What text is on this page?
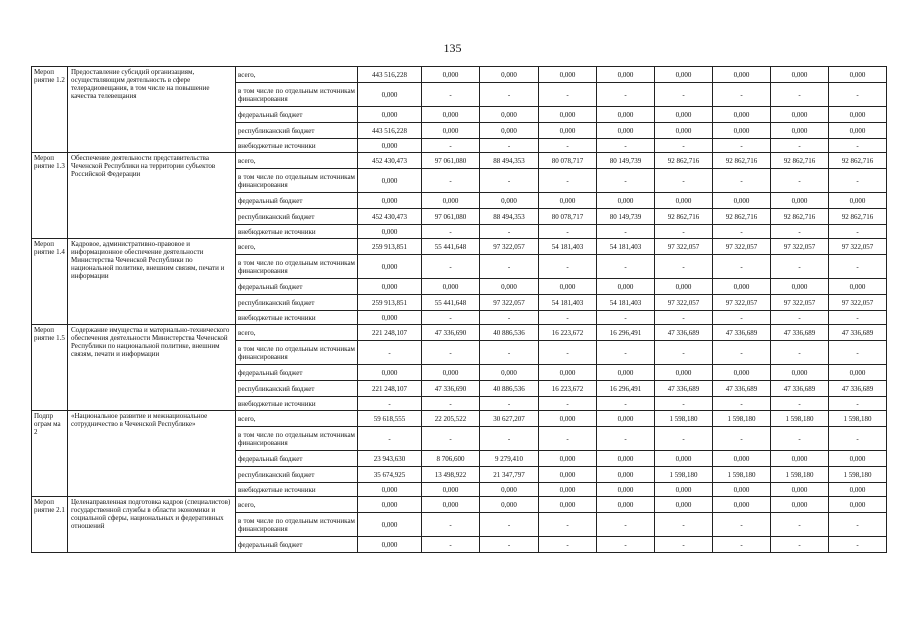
135
Мероп риятие 1.2	Предоставление субсидий организациям, осуществляющим деятельность в сфере телерадиовещания, в том числе на повышение качества телевещания	всего,	443 516,228	0,000	0,000	0,000	0,000	0,000	0,000	0,000	0,000
		в том числе по отдельным источникам финансирования	0,000	-	-	-	-	-	-	-	-
		федеральный бюджет	0,000	0,000	0,000	0,000	0,000	0,000	0,000	0,000	0,000
		республиканский бюджет	443 516,228	0,000	0,000	0,000	0,000	0,000	0,000	0,000	0,000
		внебюджетные источники	0,000	-	-	-	-	-	-	-	-
Мероп риятие 1.3	Обеспечение деятельности представительства Чеченской Республики на территории субъектов Российской Федерации	всего,	452 430,473	97 061,080	88 494,353	80 078,717	80 149,739	92 862,716	92 862,716	92 862,716	92 862,716
		в том числе по отдельным источникам финансирования	0,000	-	-	-	-	-	-	-	-
		федеральный бюджет	0,000	0,000	0,000	0,000	0,000	0,000	0,000	0,000	0,000
		республиканский бюджет	452 430,473	97 061,080	88 494,353	80 078,717	80 149,739	92 862,716	92 862,716	92 862,716	92 862,716
		внебюджетные источники	0,000	-	-	-	-	-	-	-	-
Мероп риятие 1.4	Кадровое, административно-правовое и информационное обеспечение деятельности Министерства Чеченской Республики по национальной политике, внешним связям, печати и информации	всего,	259 913,851	55 441,648	97 322,057	54 181,403	54 181,403	97 322,057	97 322,057	97 322,057	97 322,057
		в том числе по отдельным источникам финансирования	0,000	-	-	-	-	-	-	-	-
		федеральный бюджет	0,000	0,000	0,000	0,000	0,000	0,000	0,000	0,000	0,000
		республиканский бюджет	259 913,851	55 441,648	97 322,057	54 181,403	54 181,403	97 322,057	97 322,057	97 322,057	97 322,057
		внебюджетные источники	0,000	-	-	-	-	-	-	-	-
Мероп риятие 1.5	Содержание имущества и материально-технического обеспечения деятельности Министерства Чеченской Республики по национальной политике, внешним связям, печати и информации	всего,	221 248,107	47 336,690	40 886,536	16 223,672	16 296,491	47 336,689	47 336,689	47 336,689	47 336,689
		в том числе по отдельным источникам финансирования	-	-	-	-	-	-	-	-	-
		федеральный бюджет	0,000	0,000	0,000	0,000	0,000	0,000	0,000	0,000	0,000
		республиканский бюджет	221 248,107	47 336,690	40 886,536	16 223,672	16 296,491	47 336,689	47 336,689	47 336,689	47 336,689
		внебюджетные источники	-	-	-	-	-	-	-	-	-
Подпр ограм ма 2	«Национальное развитие и межнациональное сотрудничество в Чеченской Республике»	всего,	59 618,555	22 205,522	30 627,207	0,000	0,000	1 598,180	1 598,180	1 598,180	1 598,180
		в том числе по отдельным источникам финансирования	-	-	-	-	-	-	-	-	-
		федеральный бюджет	23 943,630	8 706,600	9 279,410	0,000	0,000	0,000	0,000	0,000	0,000
		республиканский бюджет	35 674,925	13 498,922	21 347,797	0,000	0,000	1 598,180	1 598,180	1 598,180	1 598,180
		внебюджетные источники	0,000	0,000	0,000	0,000	0,000	0,000	0,000	0,000	0,000
Мероп риятие 2.1	Целенаправленная подготовка кадров (специалистов) государственной службы в области экономики и социальной сферы, национальных и федеративных отношений	всего,	0,000	0,000	0,000	0,000	0,000	0,000	0,000	0,000	0,000
		в том числе по отдельным источникам финансирования	0,000	-	-	-	-	-	-	-	-
		федеральный бюджет	0,000	-	-	-	-	-	-	-	-
